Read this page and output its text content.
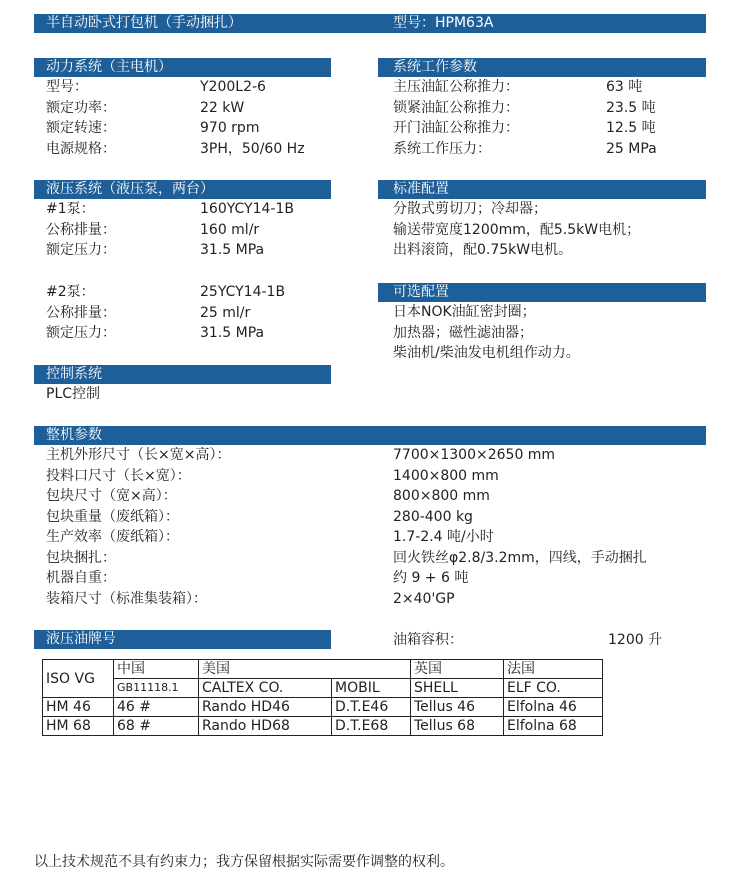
半自动卧式打包机（手动捆扎）	型号：HPM63A
动力系统（主电机）
型号：	Y200L2-6
额定功率：	22 kW
额定转速：	970 rpm
电源规格：	3PH，50/60 Hz
系统工作参数
主压油缸公称推力：	63 吨
锁紧油缸公称推力：	23.5 吨
开门油缸公称推力：	12.5 吨
系统工作压力：	25 MPa
液压系统（液压泵，两台）
#1泵：	160YCY14-1B
公称排量：	160 ml/r
额定压力：	31.5 MPa
#2泵：	25YCY14-1B
公称排量：	25 ml/r
额定压力：	31.5 MPa
标准配置
分散式剪切刀；冷却器；
输送带宽度1200mm，配5.5kW电机；
出料滚筒，配0.75kW电机。
可选配置
日本NOK油缸密封圈；
加热器；磁性滤油器；
柴油机/柴油发电机组作动力。
控制系统
PLC控制
整机参数
主机外形尺寸（长×宽×高）：	7700×1300×2650 mm
投料口尺寸（长×宽）：	1400×800 mm
包块尺寸（宽×高）：	800×800 mm
包块重量（废纸箱）：	280-400 kg
生产效率（废纸箱）：	1.7-2.4 吨/小时
包块捆扎：	回火铁丝φ2.8/3.2mm，四线，手动捆扎
机器自重：	约 9 + 6 吨
装箱尺寸（标准集装箱）：	2×40'GP
液压油牌号	油箱容积：	1200 升
ISO VG	中国	美国		英国	法国
	GB11118.1	CALTEX CO.	MOBIL	SHELL	ELF CO.
HM 46	46 #	Rando HD46	D.T.E46	Tellus 46	Elfolna 46
HM 68	68 #	Rando HD68	D.T.E68	Tellus 68	Elfolna 68
以上技术规范不具有约束力；我方保留根据实际需要作调整的权利。
